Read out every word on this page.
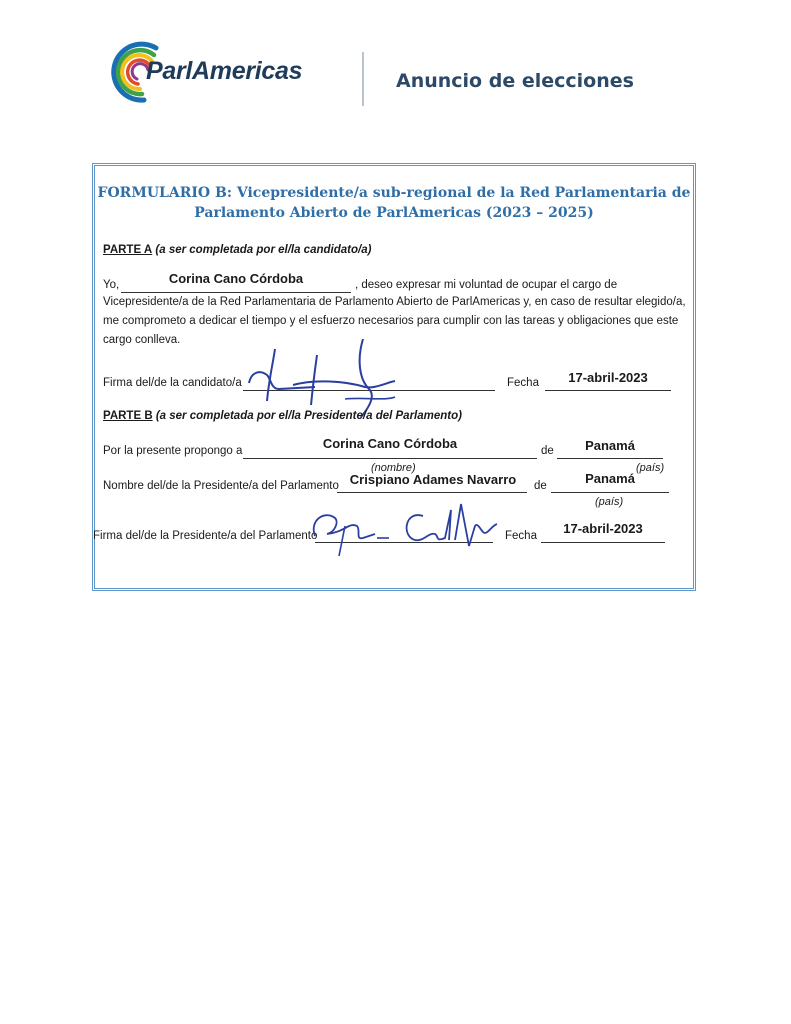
ParlAmericas	Anuncio de elecciones
FORMULARIO B: Vicepresidente/a sub-regional de la Red Parlamentaria de
Parlamento Abierto de ParlAmericas (2023 – 2025)
PARTE A (a ser completada por el/la candidato/a)
Yo,	Corina Cano Córdoba	, deseo expresar mi voluntad de ocupar el cargo de
Vicepresidente/a de la Red Parlamentaria de Parlamento Abierto de ParlAmericas y, en caso de resultar elegido/a, me comprometo a dedicar el tiempo y el esfuerzo necesarios para cumplir con las tareas y obligaciones que este cargo conlleva.
Firma del/de la candidato/a	Fecha	17-abril-2023
PARTE B (a ser completada por el/la Presidente/a del Parlamento)
Por la presente propongo a	Corina Cano Córdoba	de	Panamá
(nombre)	(país)
Nombre del/de la Presidente/a del Parlamento Crispiano Adames Navarro	de	Panamá
(país)
Firma del/de la Presidente/a del Parlamento	Fecha	17-abril-2023
